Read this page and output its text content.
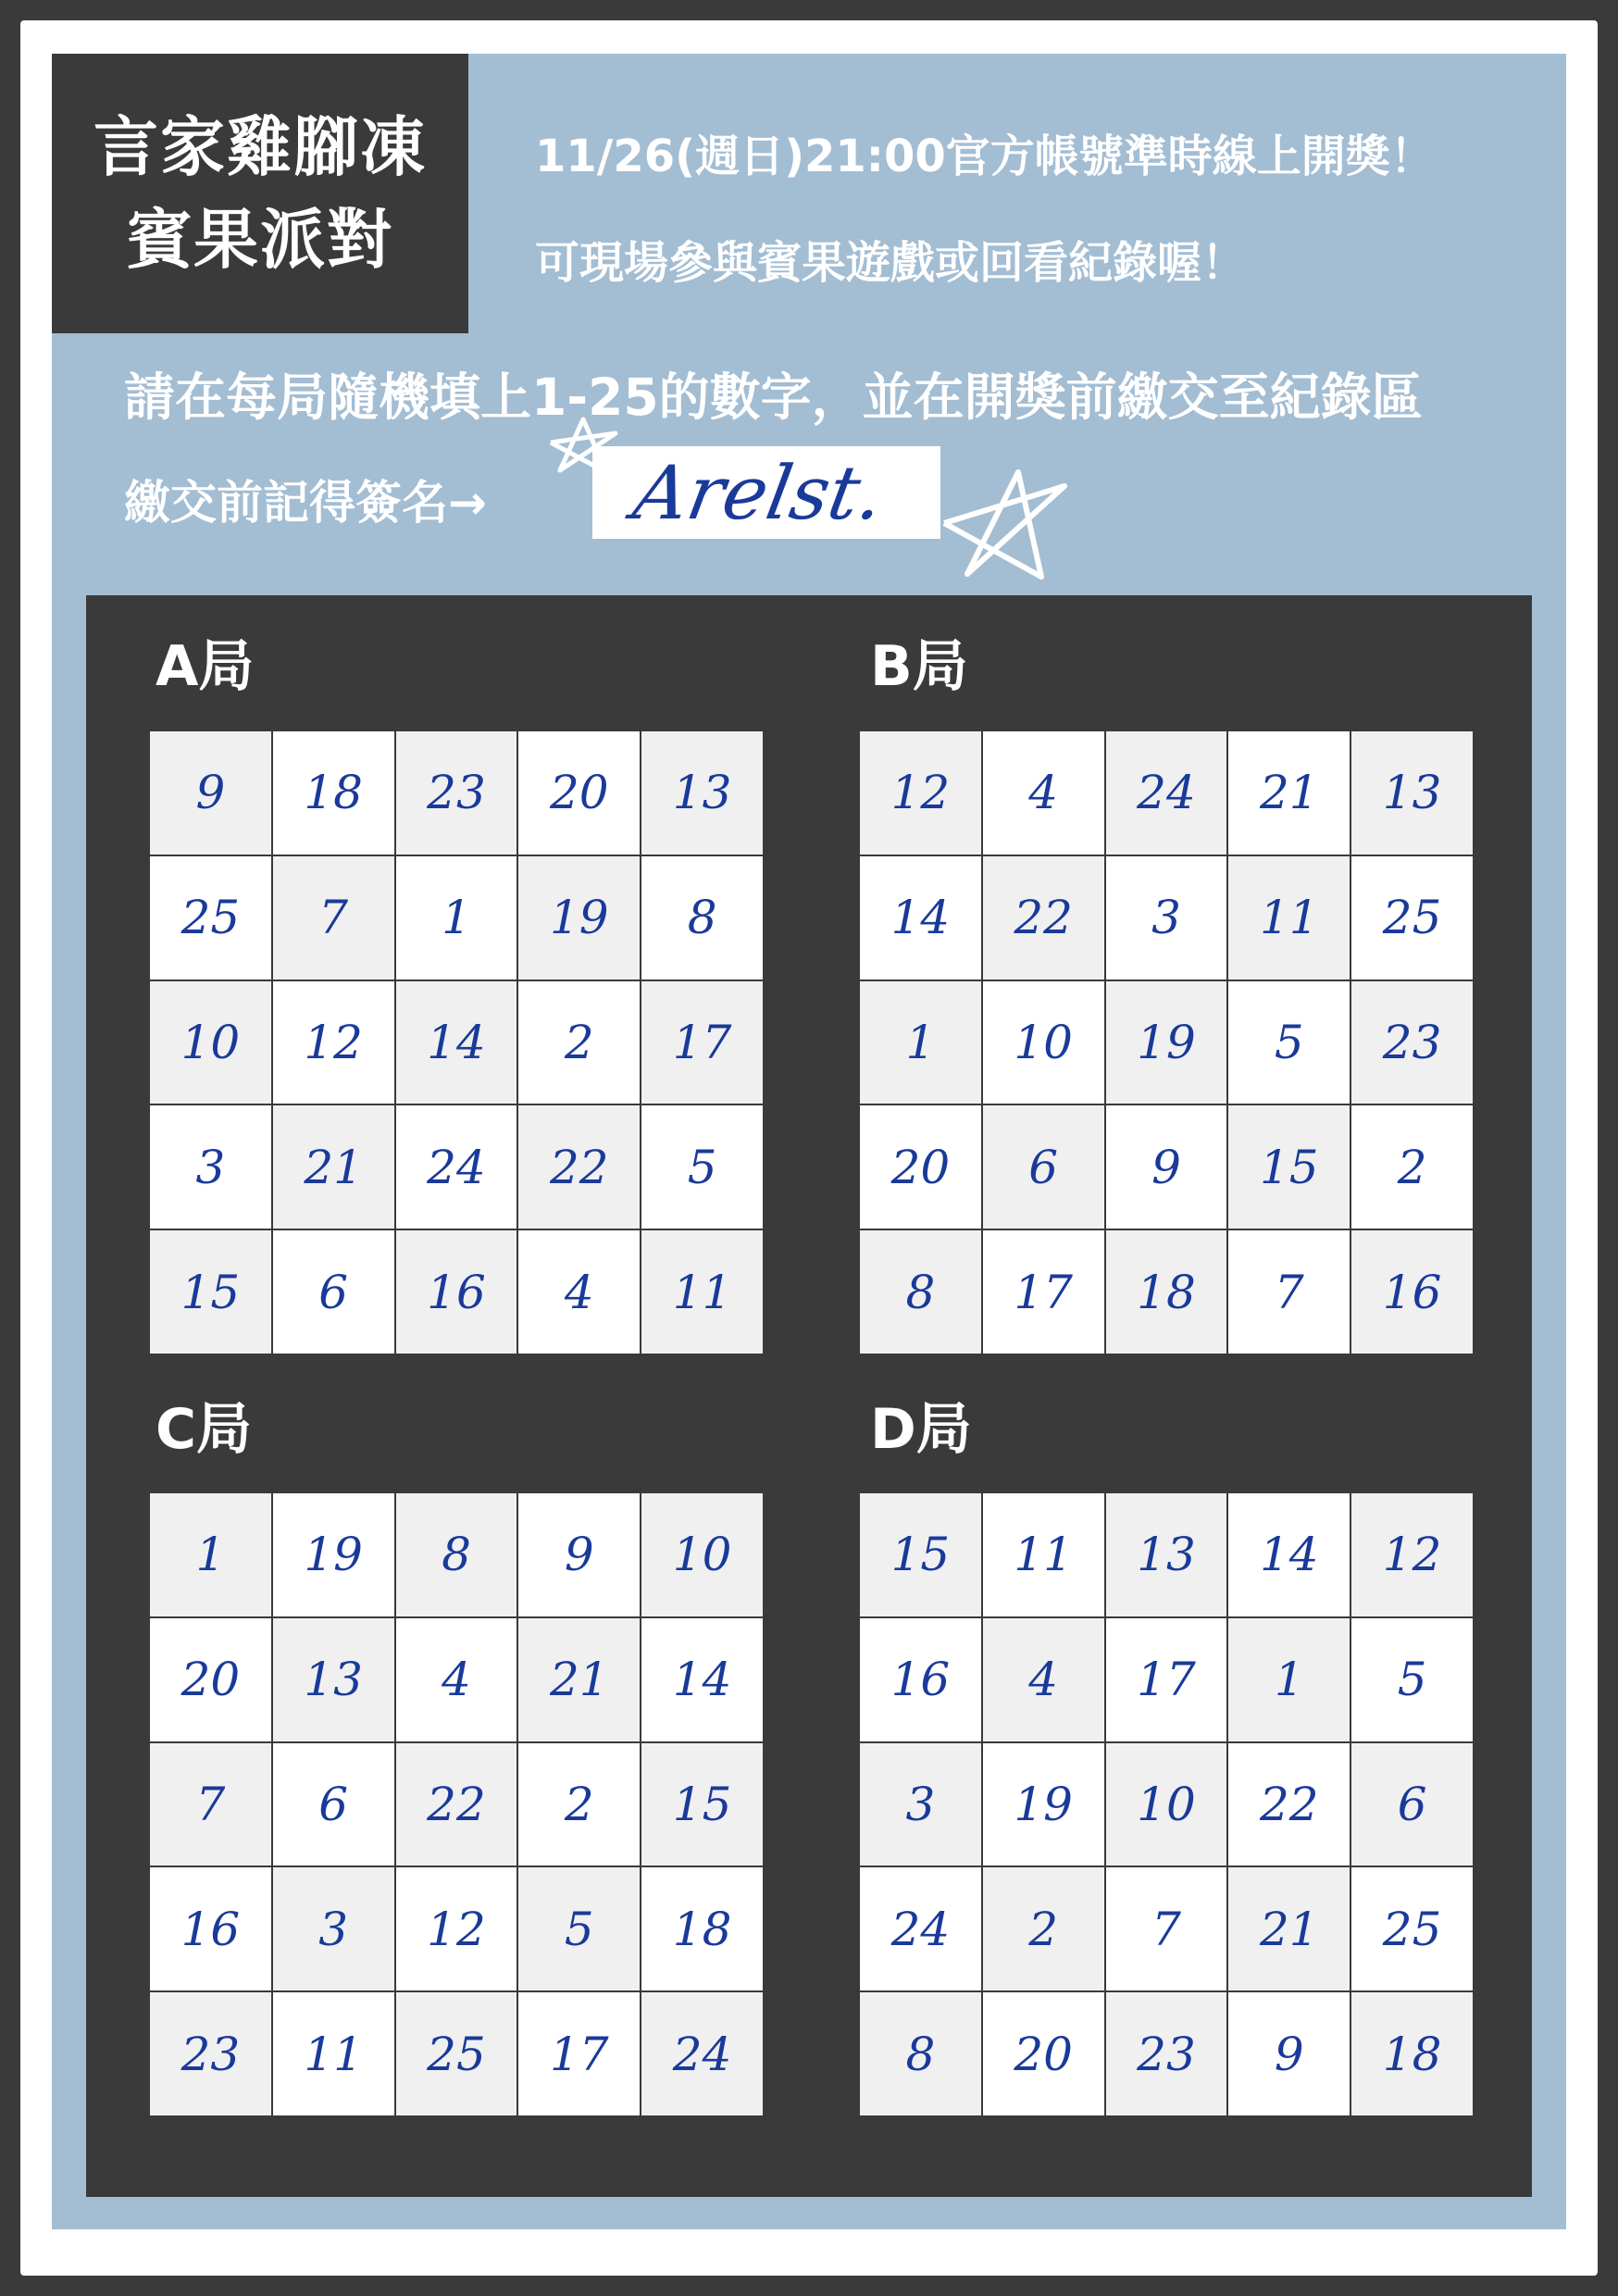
言家雞腳凍
賓果派對
11/26(週日)21:00官方帳號準時線上開獎！
可現場參與賓果遊戲或回看紀錄喔！
請在每局隨機填上1-25的數字，並在開獎前繳交至紀錄區
繳交前記得簽名→ Arelst.
A局	B局
C局	D局
9	18	23	20	13
25	7	1	19	8
10	12	14	2	17
3	21	24	22	5
15	6	16	4	11
12	4	24	21	13
14	22	3	11	25
1	10	19	5	23
20	6	9	15	2
8	17	18	7	16
1	19	8	9	10
20	13	4	21	14
7	6	22	2	15
16	3	12	5	18
23	11	25	17	24
15	11	13	14	12
16	4	17	1	5
3	19	10	22	6
24	2	7	21	25
8	20	23	9	18
